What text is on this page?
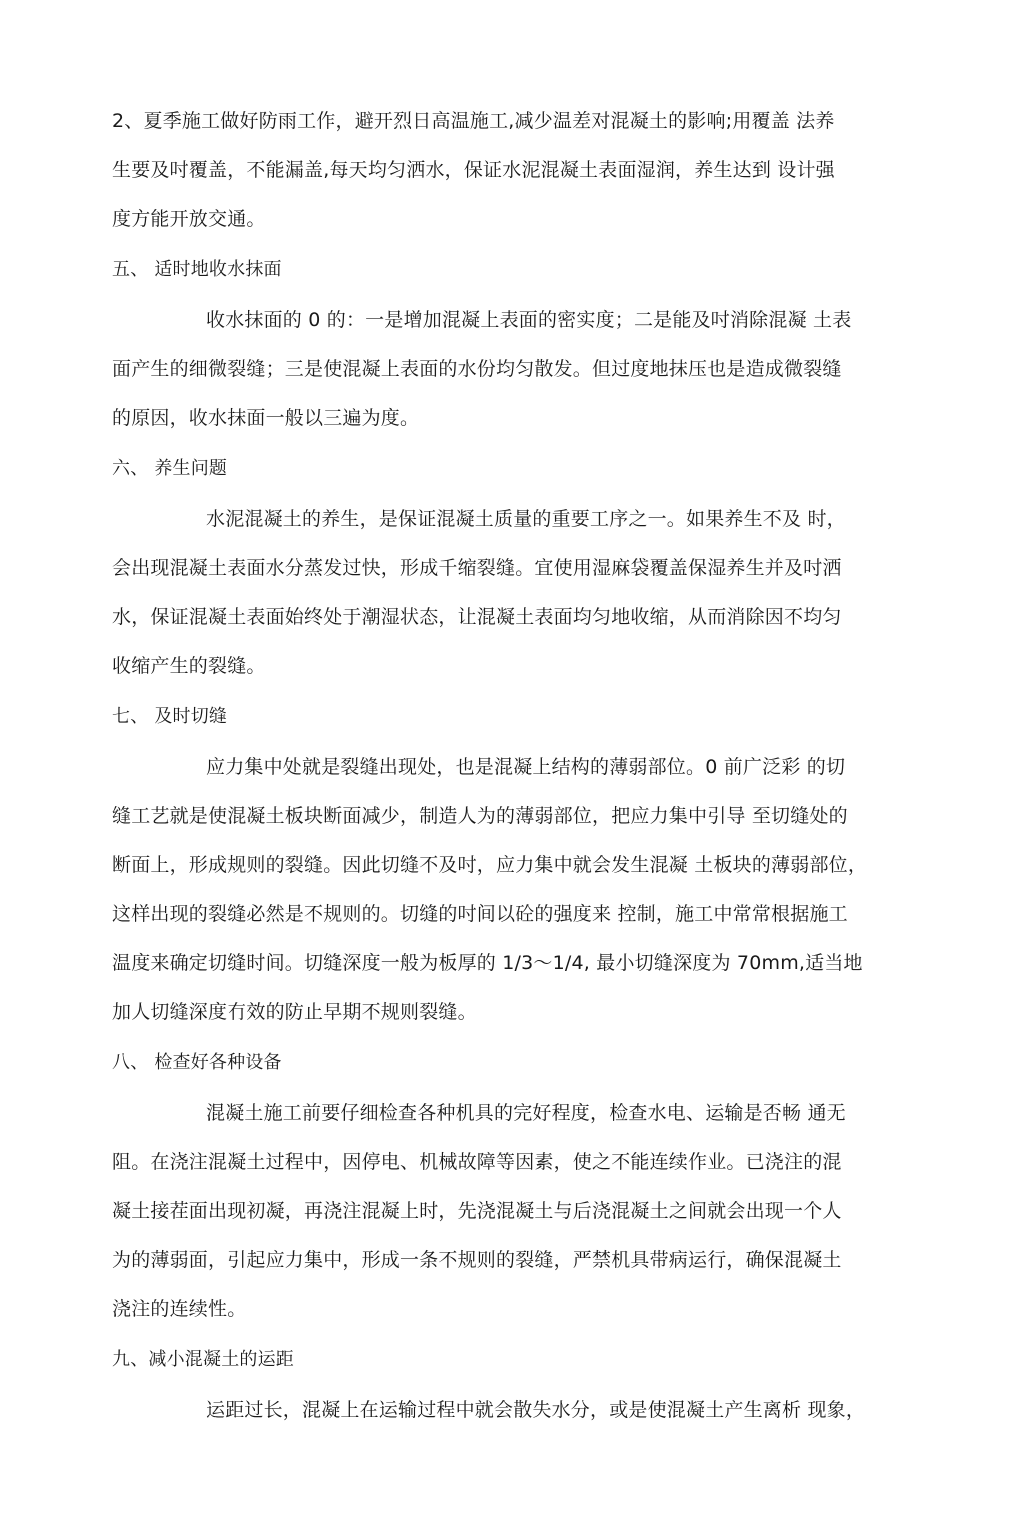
2、夏季施工做好防雨工作，避开烈日高温施工,减少温差对混凝土的影响;用覆盖 法养
生要及吋覆盖，不能漏盖,每天均匀洒水，保证水泥混凝土表面湿润，养生达到 设计强
度方能开放交通。
五、 适时地收水抹面
收水抹面的 0 的：一是增加混凝上表面的密实度；二是能及吋消除混凝 土表
面产生的细微裂缝；三是使混凝上表面的水份均匀散发。但过度地抹压也是造成微裂缝
的原因，收水抹面一般以三遍为度。
六、 养生问题
水泥混凝土的养生，是保证混凝土质量的重要工序之一。如果养生不及 时，
会出现混凝土表面水分蒸发过快，形成千缩裂缝。宜使用湿麻袋覆盖保湿养生并及吋洒
水，保证混凝土表面始终处于潮湿状态，让混凝土表面均匀地收缩，从而消除因不均匀
收缩产生的裂缝。
七、 及时切缝
应力集中处就是裂缝出现处，也是混凝上结构的薄弱部位。0 前广泛彩 的切
缝工艺就是使混凝土板块断面减少，制造人为的薄弱部位，把应力集中引导 至切缝处的
断面上，形成规则的裂缝。因此切缝不及吋，应力集中就会发生混凝 土板块的薄弱部位，
这样出现的裂缝必然是不规则的。切缝的吋间以砼的强度来 控制，施工中常常根据施工
温度来确定切缝时间。切缝深度一般为板厚的 1/3～1/4, 最小切缝深度为 70mm,适当地
加人切缝深度冇效的防止早期不规则裂缝。
八、 检查好各种设备
混凝土施工前要仔细检查各种机具的完好程度，检查水电、运输是否畅 通无
阻。在浇注混凝土过程中，因停电、机械故障等因素，使之不能连续作业。已浇注的混
凝土接茬面出现初凝，再浇注混凝上时，先浇混凝土与后浇混凝土之间就会出现一个人
为的薄弱面，引起应力集中，形成一条不规则的裂缝，严禁机具带病运行，确保混凝土
浇注的连续性。
九、减小混凝土的运距
运距过长，混凝上在运输过程中就会散失水分，或是使混凝土产生离析 现象，
